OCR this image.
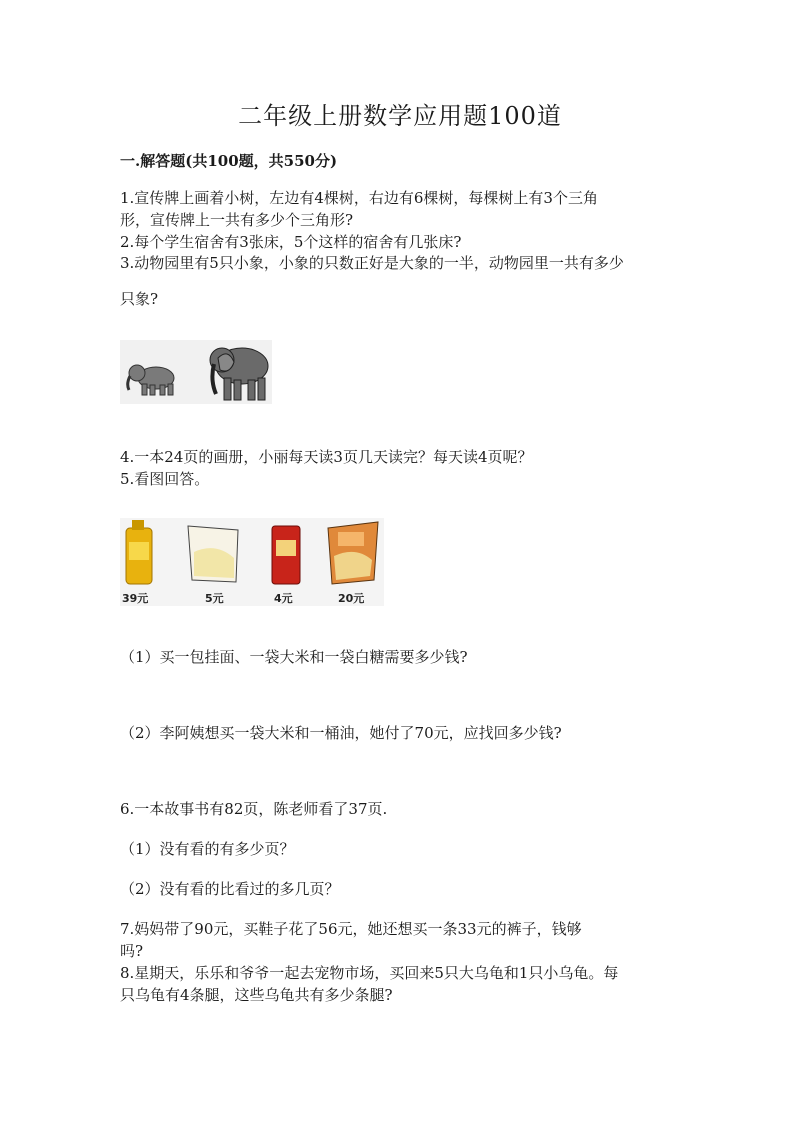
二年级上册数学应用题100道
一.解答题(共100题，共550分)
1.宣传牌上画着小树，左边有4棵树，右边有6棵树，每棵树上有3个三角
形，宣传牌上一共有多少个三角形?
2.每个学生宿舍有3张床，5个这样的宿舍有几张床?
3.动物园里有5只小象，小象的只数正好是大象的一半，动物园里一共有多少
只象?
4.一本24页的画册，小丽每天读3页几天读完？每天读4页呢？
5.看图回答。
39元	5元	4元	20元
（1）买一包挂面、一袋大米和一袋白糖需要多少钱?
（2）李阿姨想买一袋大米和一桶油，她付了70元，应找回多少钱?
6.一本故事书有82页，陈老师看了37页.
（1）没有看的有多少页？
（2）没有看的比看过的多几页？
7.妈妈带了90元，买鞋子花了56元，她还想买一条33元的裤子，钱够
吗?
8.星期天，乐乐和爷爷一起去宠物市场，买回来5只大乌龟和1只小乌龟。每
只乌龟有4条腿，这些乌龟共有多少条腿?
